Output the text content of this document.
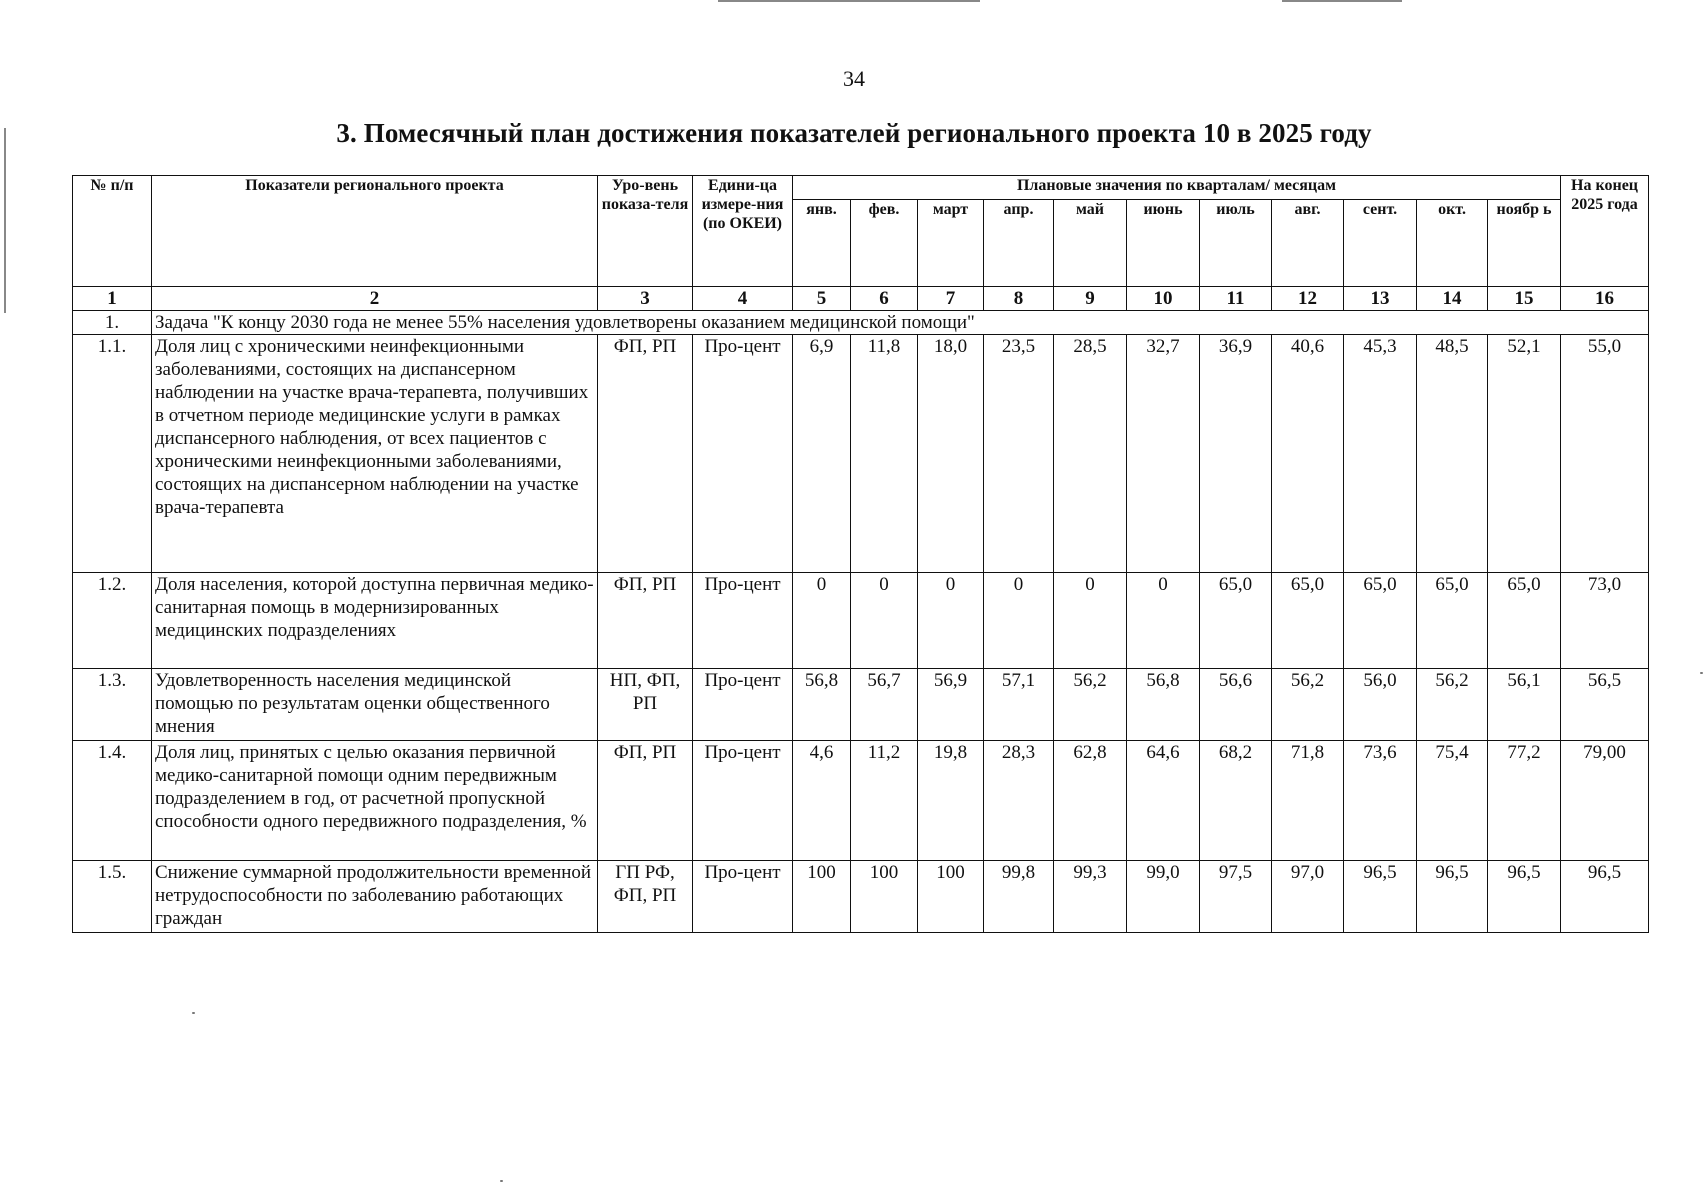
34
3. Помесячный план достижения показателей регионального проекта 10 в 2025 году
№ п/п	Показатели регионального проекта	Уро-вень показа-теля	Едини-ца измере-ния (по ОКЕИ)	Плановые значения по кварталам/ месяцам											На конец 2025 года
				янв.	фев.	март	апр.	май	июнь	июль	авг.	сент.	окт.	ноябр ь	
1	2	3	4	5	6	7	8	9	10	11	12	13	14	15	16
1.	Задача "К концу 2030 года не менее 55% населения удовлетворены оказанием медицинской помощи"														
1.1.	Доля лиц с хроническими неинфекционными заболеваниями, состоящих на диспансерном наблюдении на участке врача-терапевта, получивших в отчетном периоде медицинские услуги в рамках диспансерного наблюдения, от всех пациентов с хроническими неинфекционными заболеваниями, состоящих на диспансерном наблюдении на участке врача-терапевта	ФП, РП	Про-цент	6,9	11,8	18,0	23,5	28,5	32,7	36,9	40,6	45,3	48,5	52,1	55,0
1.2.	Доля населения, которой доступна первичная медико-санитарная помощь в модернизированных медицинских подразделениях	ФП, РП	Про-цент	0	0	0	0	0	0	65,0	65,0	65,0	65,0	65,0	73,0
1.3.	Удовлетворенность населения медицинской помощью по результатам оценки общественного мнения	НП, ФП, РП	Про-цент	56,8	56,7	56,9	57,1	56,2	56,8	56,6	56,2	56,0	56,2	56,1	56,5
1.4.	Доля лиц, принятых с целью оказания первичной медико-санитарной помощи одним передвижным подразделением в год, от расчетной пропускной способности одного передвижного подразделения, %	ФП, РП	Про-цент	4,6	11,2	19,8	28,3	62,8	64,6	68,2	71,8	73,6	75,4	77,2	79,00
1.5.	Снижение суммарной продолжительности временной нетрудоспособности по заболеванию работающих граждан	ГП РФ, ФП, РП	Про-цент	100	100	100	99,8	99,3	99,0	97,5	97,0	96,5	96,5	96,5	96,5
